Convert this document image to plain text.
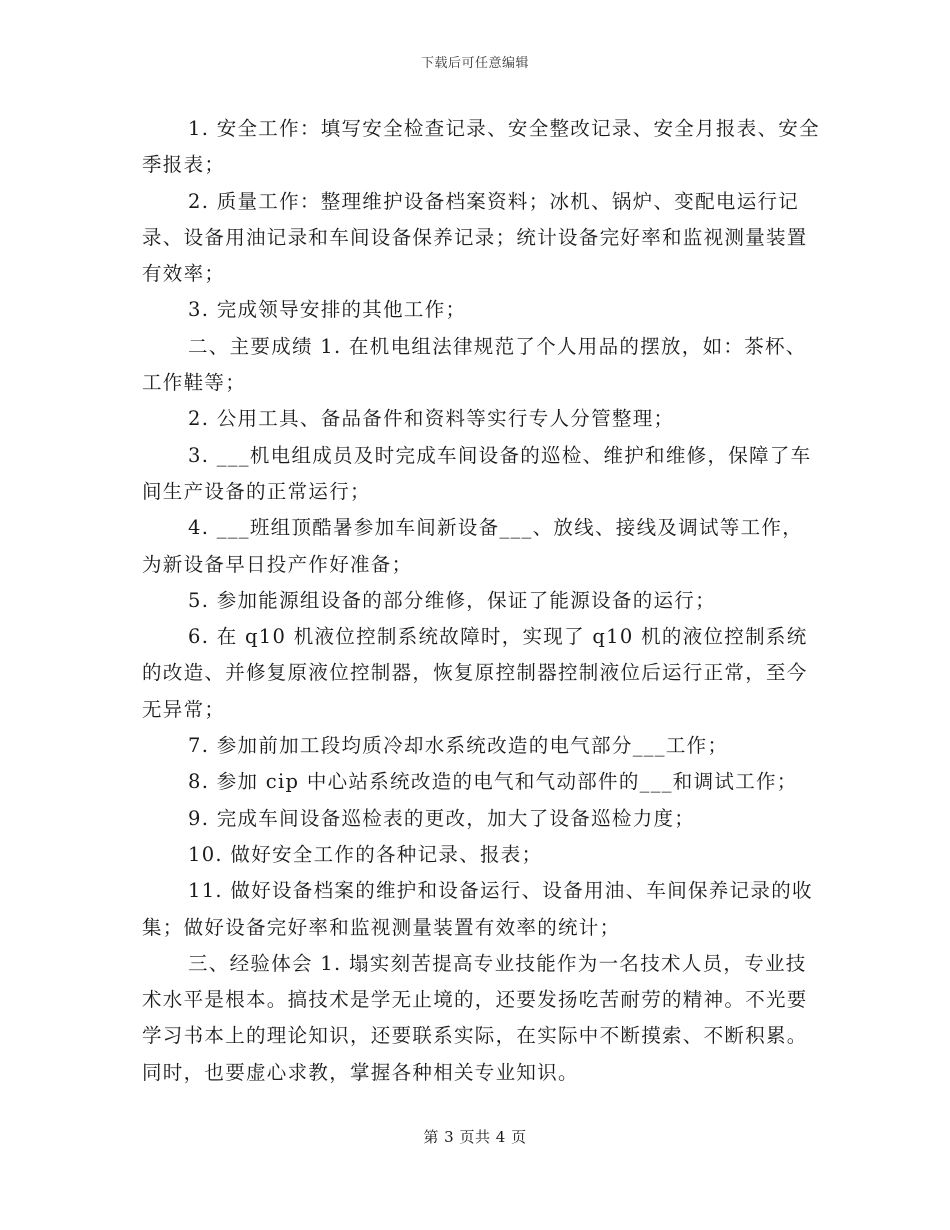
下载后可任意编辑

1. 安全工作：填写安全检查记录、安全整改记录、安全月报表、安全季报表；

2. 质量工作：整理维护设备档案资料；冰机、锅炉、变配电运行记录、设备用油记录和车间设备保养记录；统计设备完好率和监视测量装置有效率；

3. 完成领导安排的其他工作；

二、主要成绩 1. 在机电组法律规范了个人用品的摆放，如：茶杯、工作鞋等；

2. 公用工具、备品备件和资料等实行专人分管整理；

3. ___机电组成员及时完成车间设备的巡检、维护和维修，保障了车间生产设备的正常运行；

4. ___班组顶酷暑参加车间新设备___、放线、接线及调试等工作，为新设备早日投产作好准备；

5. 参加能源组设备的部分维修，保证了能源设备的运行；

6. 在 q10 机液位控制系统故障时，实现了 q10 机的液位控制系统的改造、并修复原液位控制器，恢复原控制器控制液位后运行正常，至今无异常；

7. 参加前加工段均质冷却水系统改造的电气部分___工作；

8. 参加 cip 中心站系统改造的电气和气动部件的___和调试工作；

9. 完成车间设备巡检表的更改，加大了设备巡检力度；

10. 做好安全工作的各种记录、报表；

11. 做好设备档案的维护和设备运行、设备用油、车间保养记录的收集；做好设备完好率和监视测量装置有效率的统计；

三、经验体会 1. 塌实刻苦提高专业技能作为一名技术人员，专业技术水平是根本。搞技术是学无止境的，还要发扬吃苦耐劳的精神。不光要学习书本上的理论知识，还要联系实际，在实际中不断摸索、不断积累。同时，也要虚心求教，掌握各种相关专业知识。

第 3 页共 4 页
